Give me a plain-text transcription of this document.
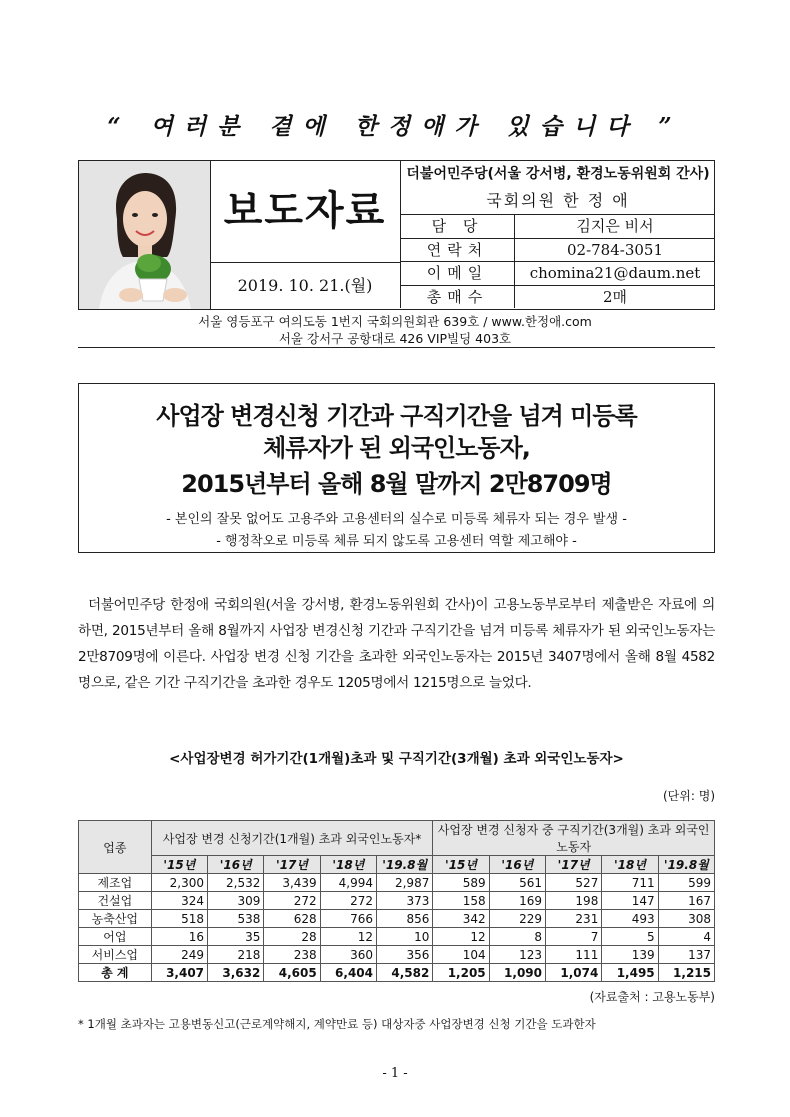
“ 여러분 곁에 한정애가 있습니다 ”
보도자료
2019. 10. 21.(월)
더불어민주당(서울 강서병, 환경노동위원회 간사)
국회의원 한 정 애
담 당	김지은 비서
연락처	02-784-3051
이메일	chomina21@daum.net
총매수	2매
서울 영등포구 여의도동 1번지 국회의원회관 639호 / www.한정애.com
서울 강서구 공항대로 426 VIP빌딩 403호
사업장 변경신청 기간과 구직기간을 넘겨 미등록
체류자가 된 외국인노동자,
2015년부터 올해 8월 말까지 2만8709명
- 본인의 잘못 없어도 고용주와 고용센터의 실수로 미등록 체류자 되는 경우 발생 -
- 행정착오로 미등록 체류 되지 않도록 고용센터 역할 제고해야 -
더불어민주당 한정애 국회의원(서울 강서병, 환경노동위원회 간사)이 고용노동부로부터 제출받은 자료에 의하면, 2015년부터 올해 8월까지 사업장 변경신청 기간과 구직기간을 넘겨 미등록 체류자가 된 외국인노동자는 2만8709명에 이른다. 사업장 변경 신청 기간을 초과한 외국인노동자는 2015년 3407명에서 올해 8월 4582명으로, 같은 기간 구직기간을 초과한 경우도 1205명에서 1215명으로 늘었다.
<사업장변경 허가기간(1개월)초과 및 구직기간(3개월) 초과 외국인노동자>
(단위: 명)
업종	사업장 변경 신청기간(1개월) 초과 외국인노동자*					사업장 변경 신청자 중 구직기간(3개월) 초과 외국인노동자				
	'15년	'16년	'17년	'18년	'19.8월	'15년	'16년	'17년	'18년	'19.8월
제조업	2,300	2,532	3,439	4,994	2,987	589	561	527	711	599
건설업	324	309	272	272	373	158	169	198	147	167
농축산업	518	538	628	766	856	342	229	231	493	308
어업	16	35	28	12	10	12	8	7	5	4
서비스업	249	218	238	360	356	104	123	111	139	137
총 계	3,407	3,632	4,605	6,404	4,582	1,205	1,090	1,074	1,495	1,215
(자료출처 : 고용노동부)
* 1개월 초과자는 고용변동신고(근로계약해지, 계약만료 등) 대상자중 사업장변경 신청 기간을 도과한자
- 1 -
